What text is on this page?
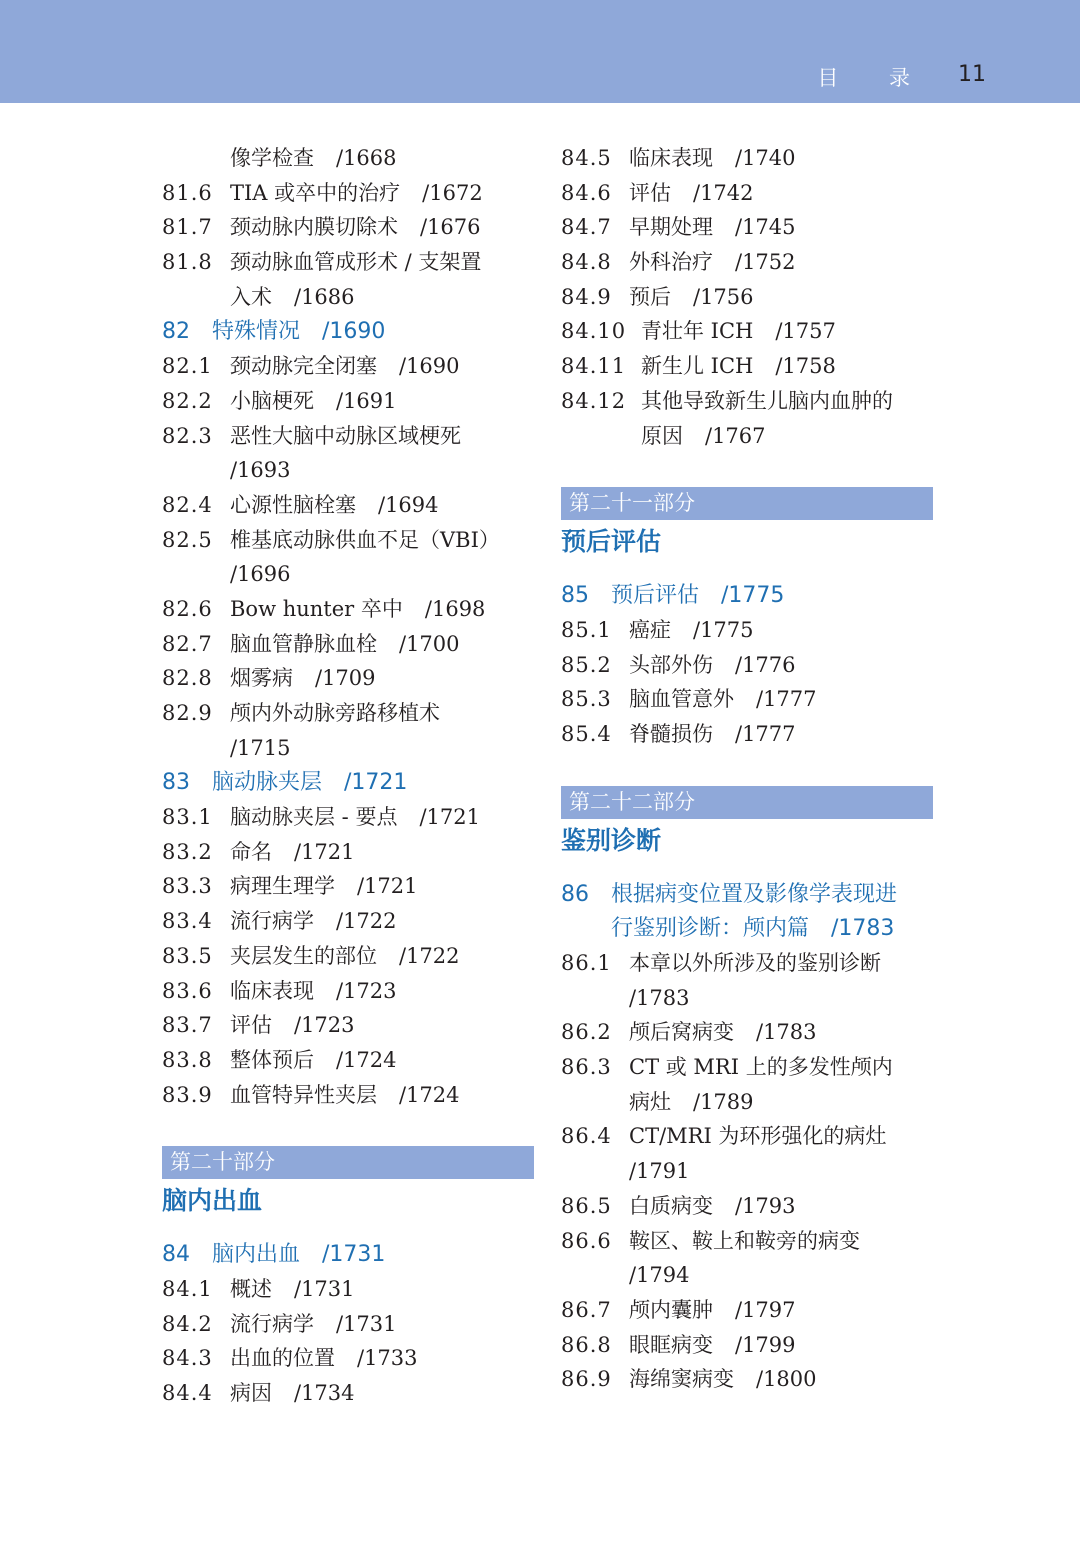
目 录 11
像学检查 /1668
81.6 TIA 或卒中的治疗 /1672
81.7 颈动脉内膜切除术 /1676
81.8 颈动脉血管成形术 / 支架置
入术 /1686
82 特殊情况 /1690
82.1 颈动脉完全闭塞 /1690
82.2 小脑梗死 /1691
82.3 恶性大脑中动脉区域梗死
/1693
82.4 心源性脑栓塞 /1694
82.5 椎基底动脉供血不足（VBI）
/1696
82.6 Bow hunter 卒中 /1698
82.7 脑血管静脉血栓 /1700
82.8 烟雾病 /1709
82.9 颅内外动脉旁路移植术
/1715
83 脑动脉夹层 /1721
83.1 脑动脉夹层 - 要点 /1721
83.2 命名 /1721
83.3 病理生理学 /1721
83.4 流行病学 /1722
83.5 夹层发生的部位 /1722
83.6 临床表现 /1723
83.7 评估 /1723
83.8 整体预后 /1724
83.9 血管特异性夹层 /1724
第二十部分
脑内出血
84 脑内出血 /1731
84.1 概述 /1731
84.2 流行病学 /1731
84.3 出血的位置 /1733
84.4 病因 /1734
84.5 临床表现 /1740
84.6 评估 /1742
84.7 早期处理 /1745
84.8 外科治疗 /1752
84.9 预后 /1756
84.10 青壮年 ICH /1757
84.11 新生儿 ICH /1758
84.12 其他导致新生儿脑内血肿的
原因 /1767
第二十一部分
预后评估
85 预后评估 /1775
85.1 癌症 /1775
85.2 头部外伤 /1776
85.3 脑血管意外 /1777
85.4 脊髓损伤 /1777
第二十二部分
鉴别诊断
86 根据病变位置及影像学表现进
行鉴别诊断：颅内篇 /1783
86.1 本章以外所涉及的鉴别诊断
/1783
86.2 颅后窝病变 /1783
86.3 CT 或 MRI 上的多发性颅内
病灶 /1789
86.4 CT/MRI 为环形强化的病灶
/1791
86.5 白质病变 /1793
86.6 鞍区、鞍上和鞍旁的病变
/1794
86.7 颅内囊肿 /1797
86.8 眼眶病变 /1799
86.9 海绵窦病变 /1800
